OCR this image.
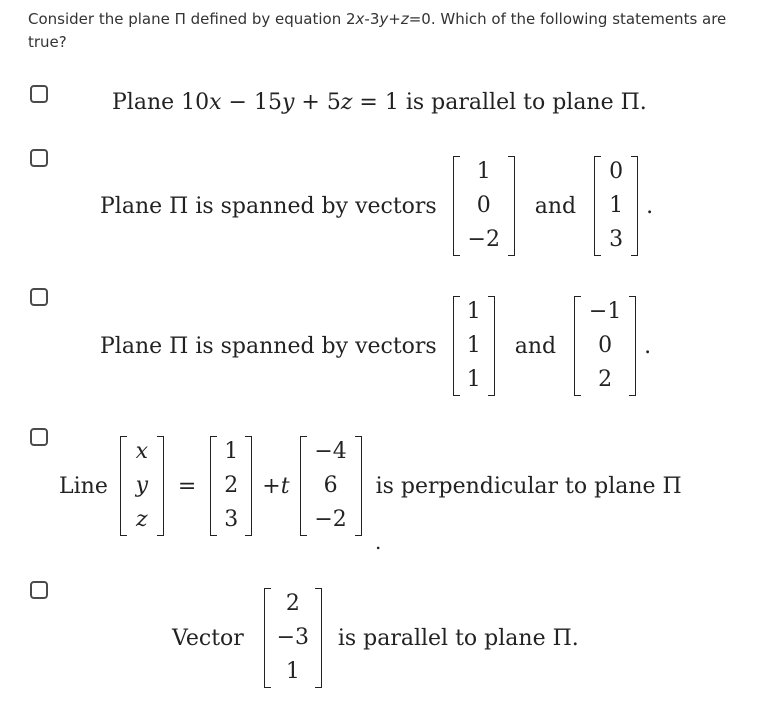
Consider the plane Π defined by equation 2x-3y+z=0. Which of the following statements are true?
Plane 10x − 15y + 5z = 1 is parallel to plane Π.
Plane Π is spanned by vectors
1
0
−2
and
0
1
3
.
Plane Π is spanned by vectors
1
1
1
and
−1
0
2
.
Line
x
y
z
=
1
2
3
+t
−4
6
−2
is perpendicular to plane Π
.
Vector
2
−3
1
is parallel to plane Π.
